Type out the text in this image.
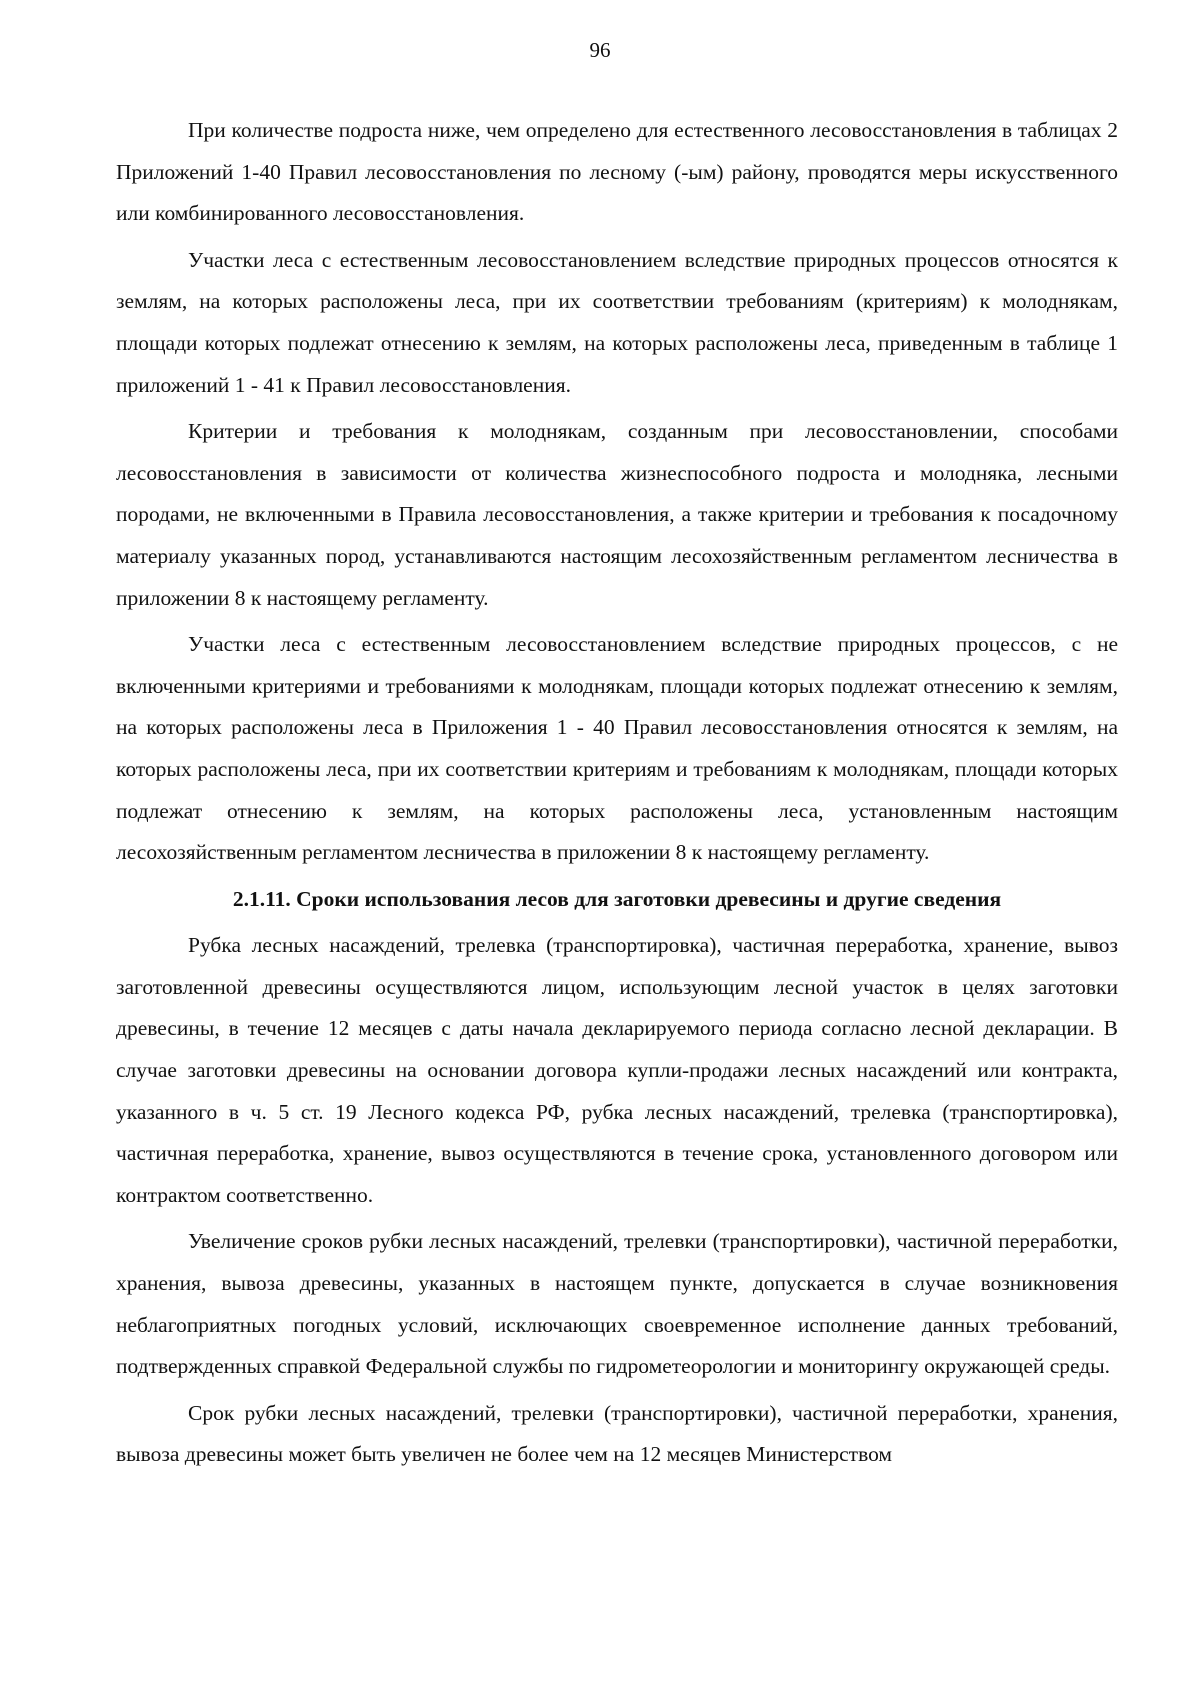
96

При количестве подроста ниже, чем определено для естественного лесовосстановления в таблицах 2 Приложений 1-40 Правил лесовосстановления по лесному (-ым) району, проводятся меры искусственного или комбинированного лесовосстановления.

Участки леса с естественным лесовосстановлением вследствие природных процессов относятся к землям, на которых расположены леса, при их соответствии требованиям (критериям) к молоднякам, площади которых подлежат отнесению к землям, на которых расположены леса, приведенным в таблице 1 приложений 1 - 41 к Правил лесовосстановления.

Критерии и требования к молоднякам, созданным при лесовосстановлении, способами лесовосстановления в зависимости от количества жизнеспособного подроста и молодняка, лесными породами, не включенными в Правила лесовосстановления, а также критерии и требования к посадочному материалу указанных пород, устанавливаются настоящим лесохозяйственным регламентом лесничества в приложении 8 к настоящему регламенту.

Участки леса с естественным лесовосстановлением вследствие природных процессов, с не включенными критериями и требованиями к молоднякам, площади которых подлежат отнесению к землям, на которых расположены леса в Приложения 1 - 40 Правил лесовосстановления относятся к землям, на которых расположены леса, при их соответствии критериям и требованиям к молоднякам, площади которых подлежат отнесению к землям, на которых расположены леса, установленным настоящим лесохозяйственным регламентом лесничества в приложении 8 к настоящему регламенту.

2.1.11. Сроки использования лесов для заготовки древесины и другие сведения

Рубка лесных насаждений, трелевка (транспортировка), частичная переработка, хранение, вывоз заготовленной древесины осуществляются лицом, использующим лесной участок в целях заготовки древесины, в течение 12 месяцев с даты начала декларируемого периода согласно лесной декларации. В случае заготовки древесины на основании договора купли-продажи лесных насаждений или контракта, указанного в ч. 5 ст. 19 Лесного кодекса РФ, рубка лесных насаждений, трелевка (транспортировка), частичная переработка, хранение, вывоз осуществляются в течение срока, установленного договором или контрактом соответственно.

Увеличение сроков рубки лесных насаждений, трелевки (транспортировки), частичной переработки, хранения, вывоза древесины, указанных в настоящем пункте, допускается в случае возникновения неблагоприятных погодных условий, исключающих своевременное исполнение данных требований, подтвержденных справкой Федеральной службы по гидрометеорологии и мониторингу окружающей среды.

Срок рубки лесных насаждений, трелевки (транспортировки), частичной переработки, хранения, вывоза древесины может быть увеличен не более чем на 12 месяцев Министерством
